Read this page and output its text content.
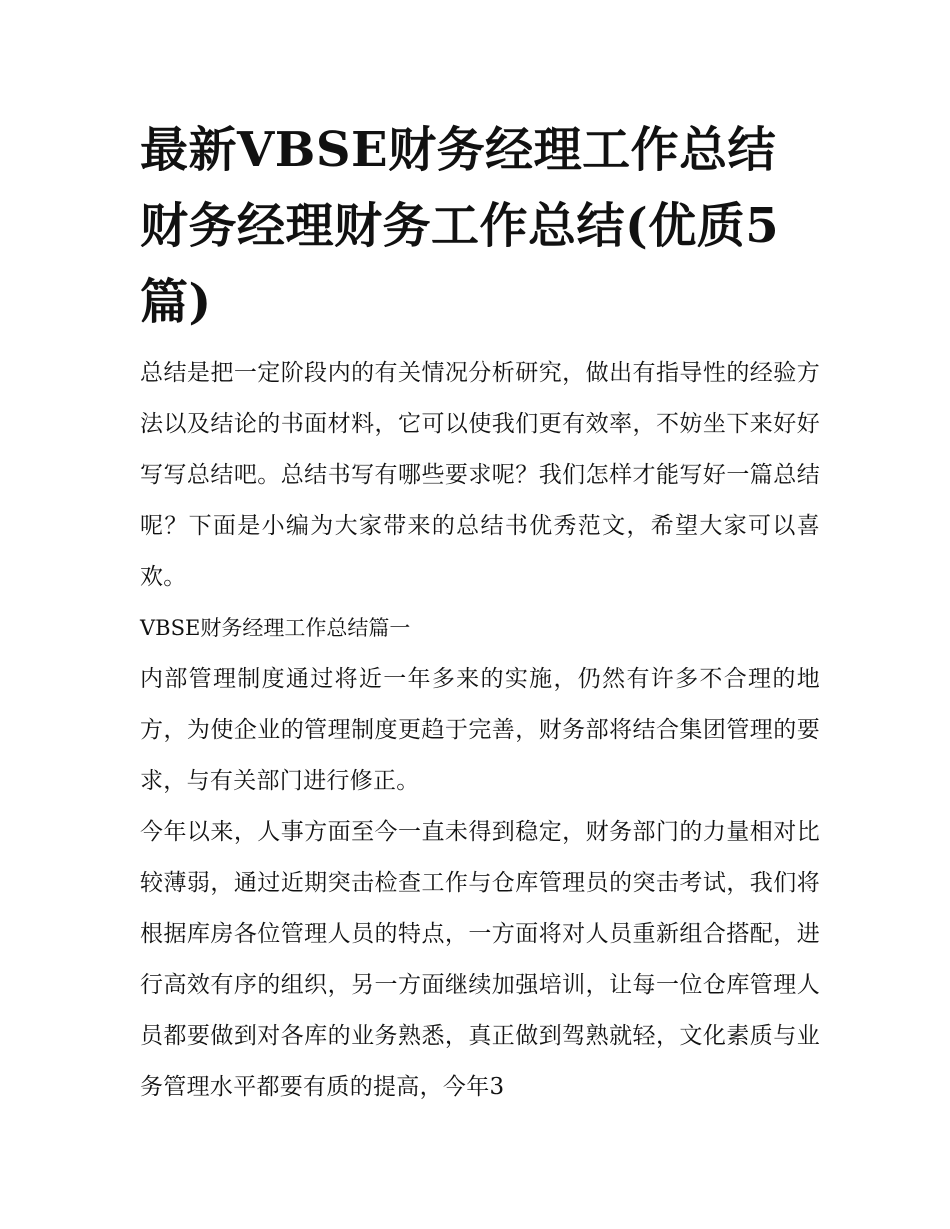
最新VBSE财务经理工作总结 财务经理财务工作总结(优质5篇)

总结是把一定阶段内的有关情况分析研究，做出有指导性的经验方法以及结论的书面材料，它可以使我们更有效率，不妨坐下来好好写写总结吧。总结书写有哪些要求呢？我们怎样才能写好一篇总结呢？下面是小编为大家带来的总结书优秀范文，希望大家可以喜欢。

VBSE财务经理工作总结篇一

内部管理制度通过将近一年多来的实施，仍然有许多不合理的地方，为使企业的管理制度更趋于完善，财务部将结合集团管理的要求，与有关部门进行修正。

今年以来，人事方面至今一直未得到稳定，财务部门的力量相对比较薄弱，通过近期突击检查工作与仓库管理员的突击考试，我们将根据库房各位管理人员的特点，一方面将对人员重新组合搭配，进行高效有序的组织，另一方面继续加强培训，让每一位仓库管理人员都要做到对各库的业务熟悉，真正做到驾熟就轻，文化素质与业务管理水平都要有质的提高，今年3
